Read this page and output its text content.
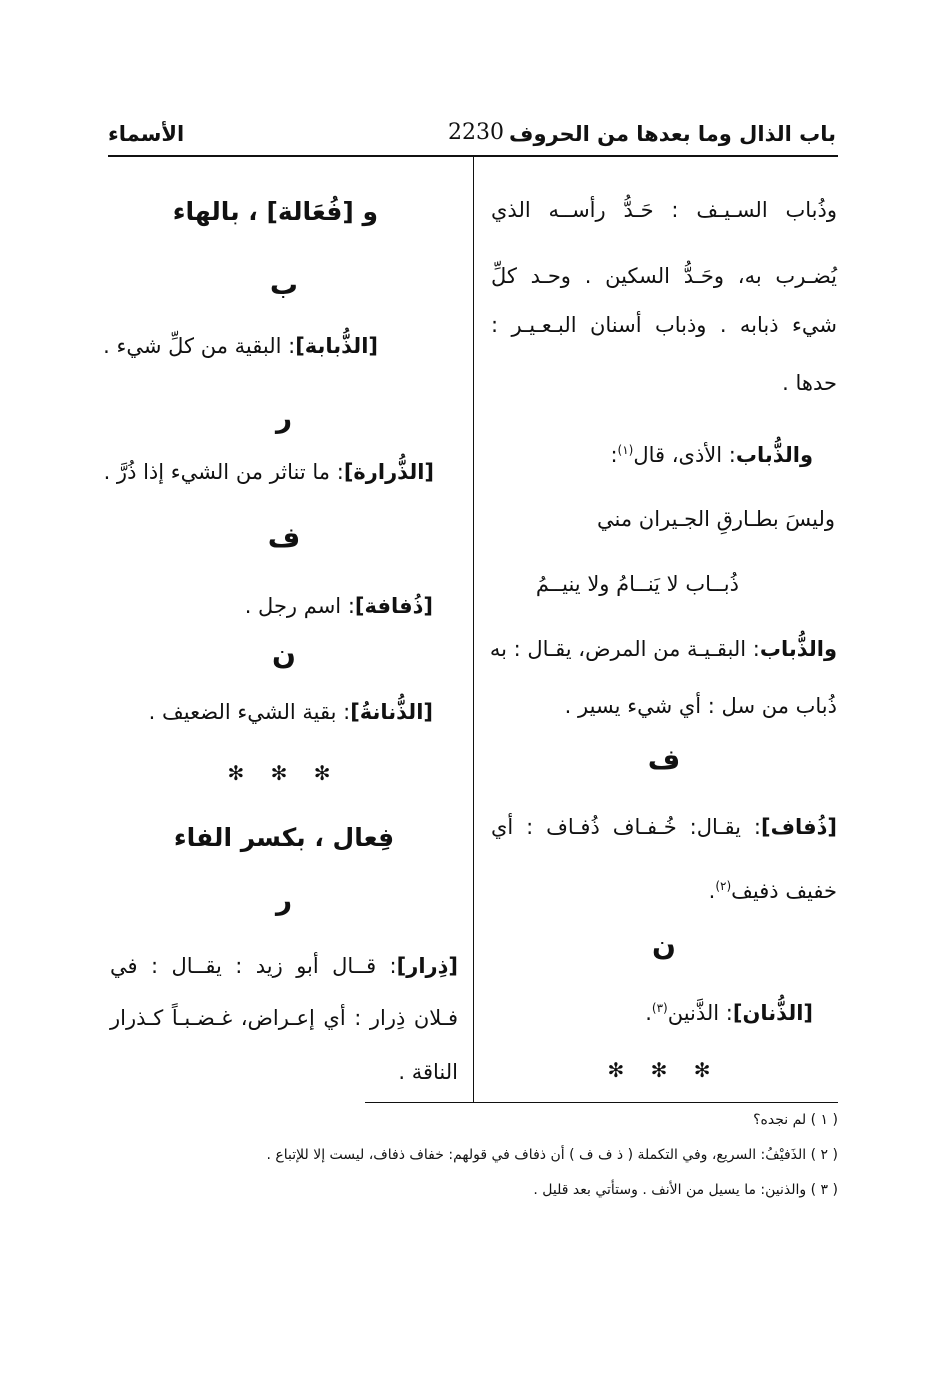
باب الذال وما بعدها من الحروف
2230
الأسماء
وذُباب السـيـف : حَـدُّ رأســه الذي
يُضـرب به، وحَـدُّ السكين . وحـد كلِّ
شيء ذبابه . وذباب أسنان البـعـيـر :
حدها .
والذُّباب: الأذى، قال$^{(١)}$:
وليسَ بطـارقِ الجـيران مني
ذُبــاب لا يَنــامُ ولا ينيــمُ
والذُّباب: البقـيـة من المرض، يقـال : به
ذُباب من سل : أي شيء يسير .
ف
[ذُفاف]: يقـال: خُـفـاف ذُفـاف : أي
خفيف ذفيف$^{(٢)}$.
ن
[الذُّنان]: الذَّنين$^{(٣)}$.
✻ ✻ ✻
و [فُعَالة] ، بالهاء
ب
[الذُّبابة]: البقية من كلِّ شيء .
ر
[الذُّرارة]: ما تناثر من الشيء إذا ذُرَّ .
ف
[ذُفافة]: اسم رجل .
ن
[الذُّنانةُ]: بقية الشيء الضعيف .
✻ ✻ ✻
فِعال ، بكسر الفاء
ر
[ذِرار]: قــال أبو زيد : يقــال : في
فـلان ذِرار : أي إعـراض، غـضـبـاً كـذرار
الناقة .
( ١ ) لم نجده؟
( ٢ ) الذَفيْفُ: السريع، وفي التكملة ( ذ ف ف ) أن ذفاف في قولهم: خفاف ذفاف، ليست إلا للإتباع .
( ٣ ) والذنين: ما يسيل من الأنف . وستأتي بعد قليل .
